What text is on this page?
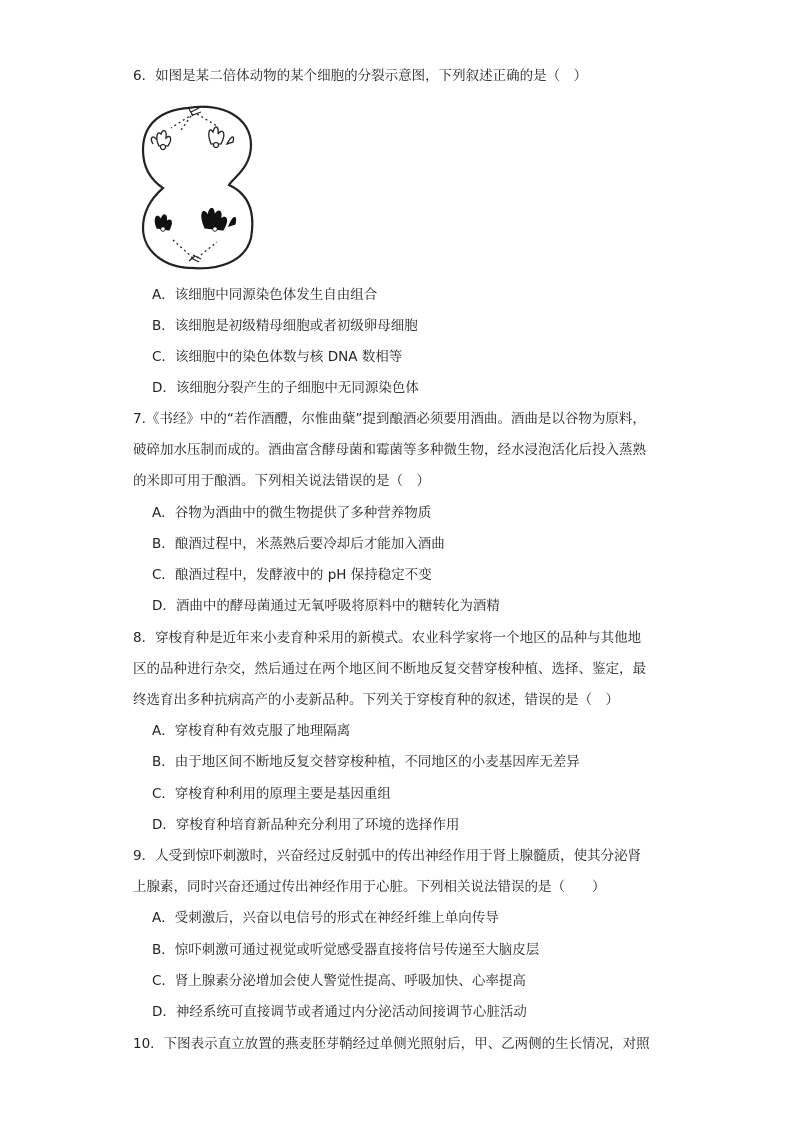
6．如图是某二倍体动物的某个细胞的分裂示意图，下列叙述正确的是（　）
A．该细胞中同源染色体发生自由组合
B．该细胞是初级精母细胞或者初级卵母细胞
C．该细胞中的染色体数与核 DNA 数相等
D．该细胞分裂产生的子细胞中无同源染色体
7.《书经》中的“若作酒醴，尔惟曲蘖”提到酿酒必须要用酒曲。酒曲是以谷物为原料，
破碎加水压制而成的。酒曲富含酵母菌和霉菌等多种微生物，经水浸泡活化后投入蒸熟
的米即可用于酿酒。下列相关说法错误的是（　）
A．谷物为酒曲中的微生物提供了多种营养物质
B．酿酒过程中，米蒸熟后要冷却后才能加入酒曲
C．酿酒过程中，发酵液中的 pH 保持稳定不变
D．酒曲中的酵母菌通过无氧呼吸将原料中的糖转化为酒精
8．穿梭育种是近年来小麦育种采用的新模式。农业科学家将一个地区的品种与其他地
区的品种进行杂交，然后通过在两个地区间不断地反复交替穿梭种植、选择、鉴定，最
终选育出多种抗病高产的小麦新品种。下列关于穿梭育种的叙述，错误的是（　）
A．穿梭育种有效克服了地理隔离
B．由于地区间不断地反复交替穿梭种植，不同地区的小麦基因库无差异
C．穿梭育种利用的原理主要是基因重组
D．穿梭育种培育新品种充分利用了环境的选择作用
9．人受到惊吓刺激时，兴奋经过反射弧中的传出神经作用于肾上腺髓质，使其分泌肾
上腺素，同时兴奋还通过传出神经作用于心脏。下列相关说法错误的是（　　）
A．受刺激后，兴奋以电信号的形式在神经纤维上单向传导
B．惊吓刺激可通过视觉或听觉感受器直接将信号传递至大脑皮层
C．肾上腺素分泌增加会使人警觉性提高、呼吸加快、心率提高
D．神经系统可直接调节或者通过内分泌活动间接调节心脏活动
10．下图表示直立放置的燕麦胚芽鞘经过单侧光照射后，甲、乙两侧的生长情况，对照
